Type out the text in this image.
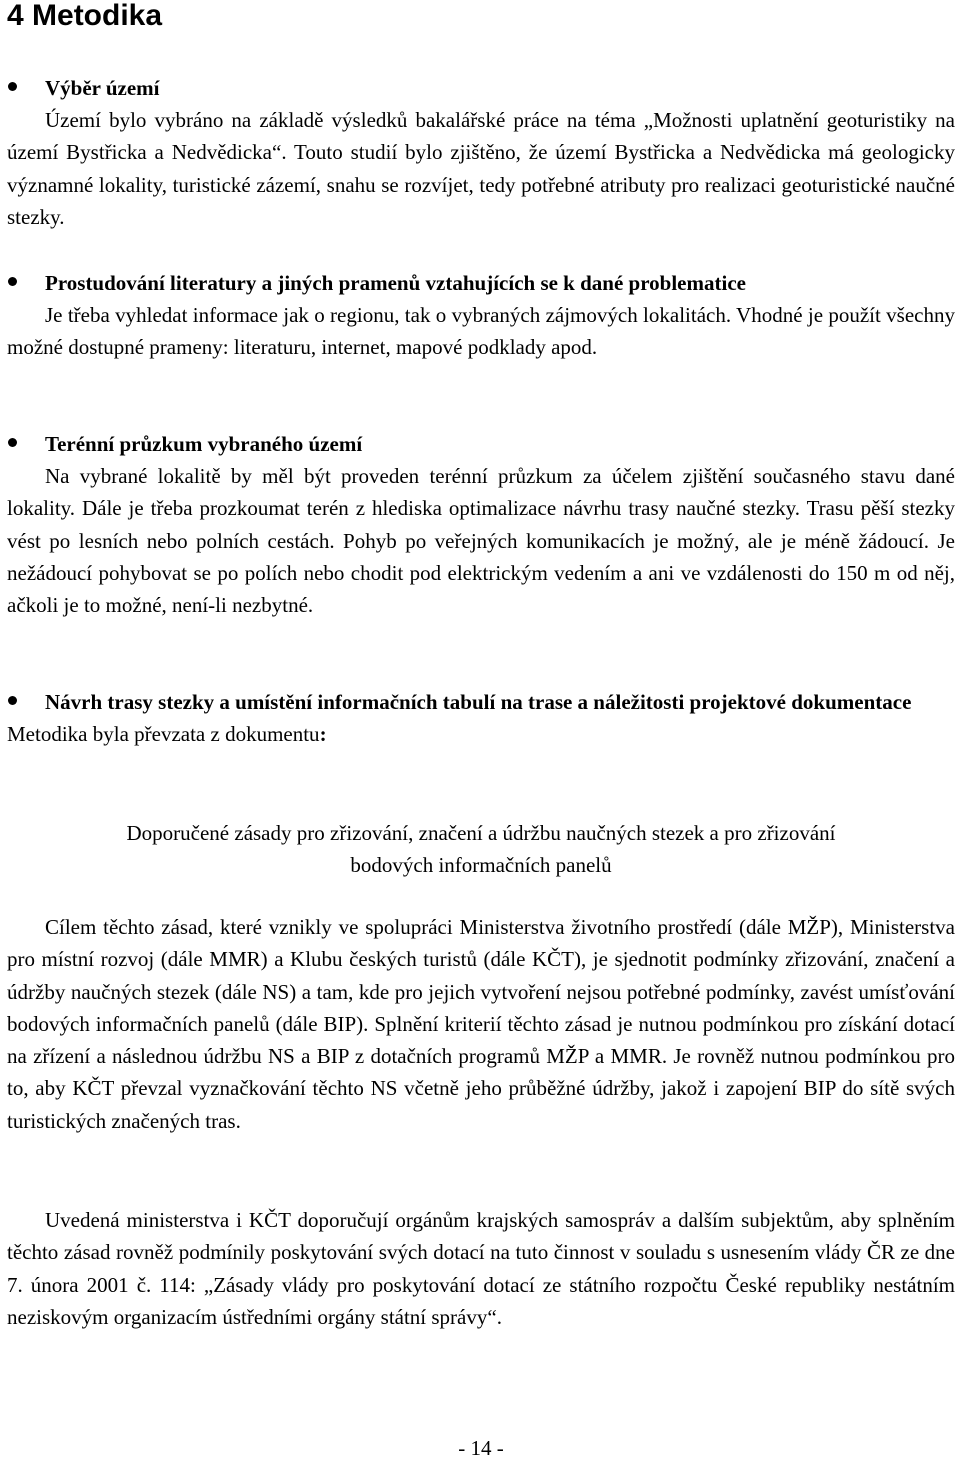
4 Metodika
Výběr území

Území bylo vybráno na základě výsledků bakalářské práce na téma „Možnosti uplatnění geoturistiky na území Bystřicka a Nedvědicka“. Touto studií bylo zjištěno, že území Bystřicka a Nedvědicka má geologicky významné lokality, turistické zázemí, snahu se rozvíjet, tedy potřebné atributy pro realizaci geoturistické naučné stezky.

Prostudování literatury a jiných pramenů vztahujících se k dané problematice

Je třeba vyhledat informace jak o regionu, tak o vybraných zájmových lokalitách. Vhodné je použít všechny možné dostupné prameny: literaturu, internet, mapové podklady apod.

Terénní průzkum vybraného území

Na vybrané lokalitě by měl být proveden terénní průzkum za účelem zjištění současného stavu dané lokality. Dále je třeba prozkoumat terén z hlediska optimalizace návrhu trasy naučné stezky. Trasu pěší stezky vést po lesních nebo polních cestách. Pohyb po veřejných komunikacích je možný, ale je méně žádoucí. Je nežádoucí pohybovat se po polích nebo chodit pod elektrickým vedením a ani ve vzdálenosti do 150 m od něj, ačkoli je to možné, není-li nezbytné.

Návrh trasy stezky a umístění informačních tabulí na trase a náležitosti projektové dokumentace

Metodika byla převzata z dokumentu:

Doporučené zásady pro zřizování, značení a údržbu naučných stezek a pro zřizování

bodových informačních panelů

Cílem těchto zásad, které vznikly ve spolupráci Ministerstva životního prostředí (dále MŽP), Ministerstva pro místní rozvoj (dále MMR) a Klubu českých turistů (dále KČT), je sjednotit podmínky zřizování, značení a údržby naučných stezek (dále NS) a tam, kde pro jejich vytvoření nejsou potřebné podmínky, zavést umísťování bodových informačních panelů (dále BIP). Splnění kriterií těchto zásad je nutnou podmínkou pro získání dotací na zřízení a následnou údržbu NS a BIP z dotačních programů MŽP a MMR. Je rovněž nutnou podmínkou pro to, aby KČT převzal vyznačkování těchto NS včetně jeho průběžné údržby, jakož i zapojení BIP do sítě svých turistických značených tras.

Uvedená ministerstva i KČT doporučují orgánům krajských samospráv a dalším subjektům, aby splněním těchto zásad rovněž podmínily poskytování svých dotací na tuto činnost v souladu s usnesením vlády ČR ze dne 7. února 2001 č. 114: „Zásady vlády pro poskytování dotací ze státního rozpočtu České republiky nestátním neziskovým organizacím ústředními orgány státní správy“.

- 14 -
